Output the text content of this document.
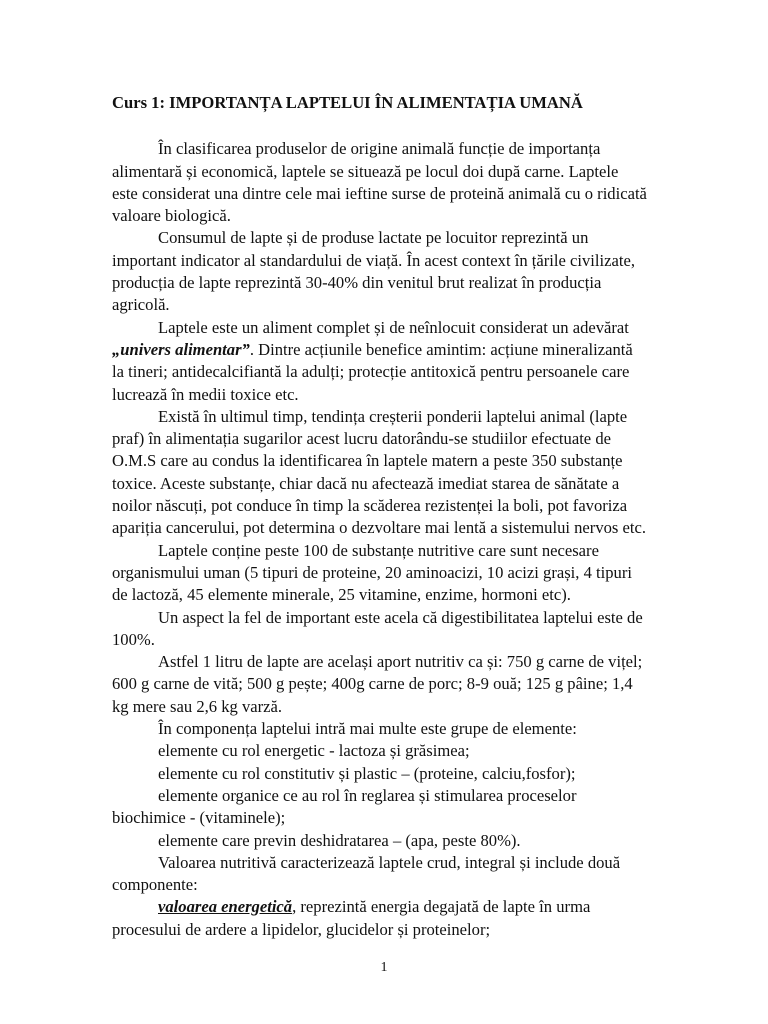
Curs 1: IMPORTANȚA LAPTELUI ÎN ALIMENTAȚIA UMANĂ

În clasificarea produselor de origine animală funcție de importanța alimentară și economică, laptele se situează pe locul doi după carne. Laptele este considerat una dintre cele mai ieftine surse de proteină animală cu o ridicată valoare biologică.

Consumul de lapte și de produse lactate pe locuitor reprezintă un important indicator al standardului de viață. În acest context în țările civilizate, producția de lapte reprezintă 30-40% din venitul brut realizat în producția agricolă.

Laptele este un aliment complet și de neînlocuit considerat un adevărat „univers alimentar”. Dintre acțiunile benefice amintim: acțiune mineralizantă la tineri; antidecalcifiantă la adulți; protecție antitoxică pentru persoanele care lucrează în medii toxice etc.

Există în ultimul timp, tendința creșterii ponderii laptelui animal (lapte praf) în alimentația sugarilor acest lucru datorându-se studiilor efectuate de O.M.S care au condus la identificarea în laptele matern a peste 350 substanțe toxice. Aceste substanțe, chiar dacă nu afectează imediat starea de sănătate a noilor născuți, pot conduce în timp la scăderea rezistenței la boli, pot favoriza apariția cancerului, pot determina o dezvoltare mai lentă a sistemului nervos etc.

Laptele conține peste 100 de substanțe nutritive care sunt necesare organismului uman (5 tipuri de proteine, 20 aminoacizi, 10 acizi grași, 4 tipuri de lactoză, 45 elemente minerale, 25 vitamine, enzime, hormoni etc).

Un aspect la fel de important este acela că digestibilitatea laptelui este de 100%.

Astfel 1 litru de lapte are același aport nutritiv ca și: 750 g carne de vițel; 600 g carne de vită; 500 g pește; 400g carne de porc; 8-9 ouă; 125 g pâine; 1,4 kg mere sau 2,6 kg varză.

În componența laptelui intră mai multe este grupe de elemente:

elemente cu rol energetic - lactoza și grăsimea;

elemente cu rol constitutiv și plastic – (proteine, calciu,fosfor);

elemente organice ce au rol în reglarea și stimularea proceselor biochimice - (vitaminele);

elemente care previn deshidratarea – (apa, peste 80%).

Valoarea nutritivă caracterizează laptele crud, integral și include două componente:

valoarea energetică, reprezintă energia degajată de lapte în urma procesului de ardere a lipidelor, glucidelor și proteinelor;

1
